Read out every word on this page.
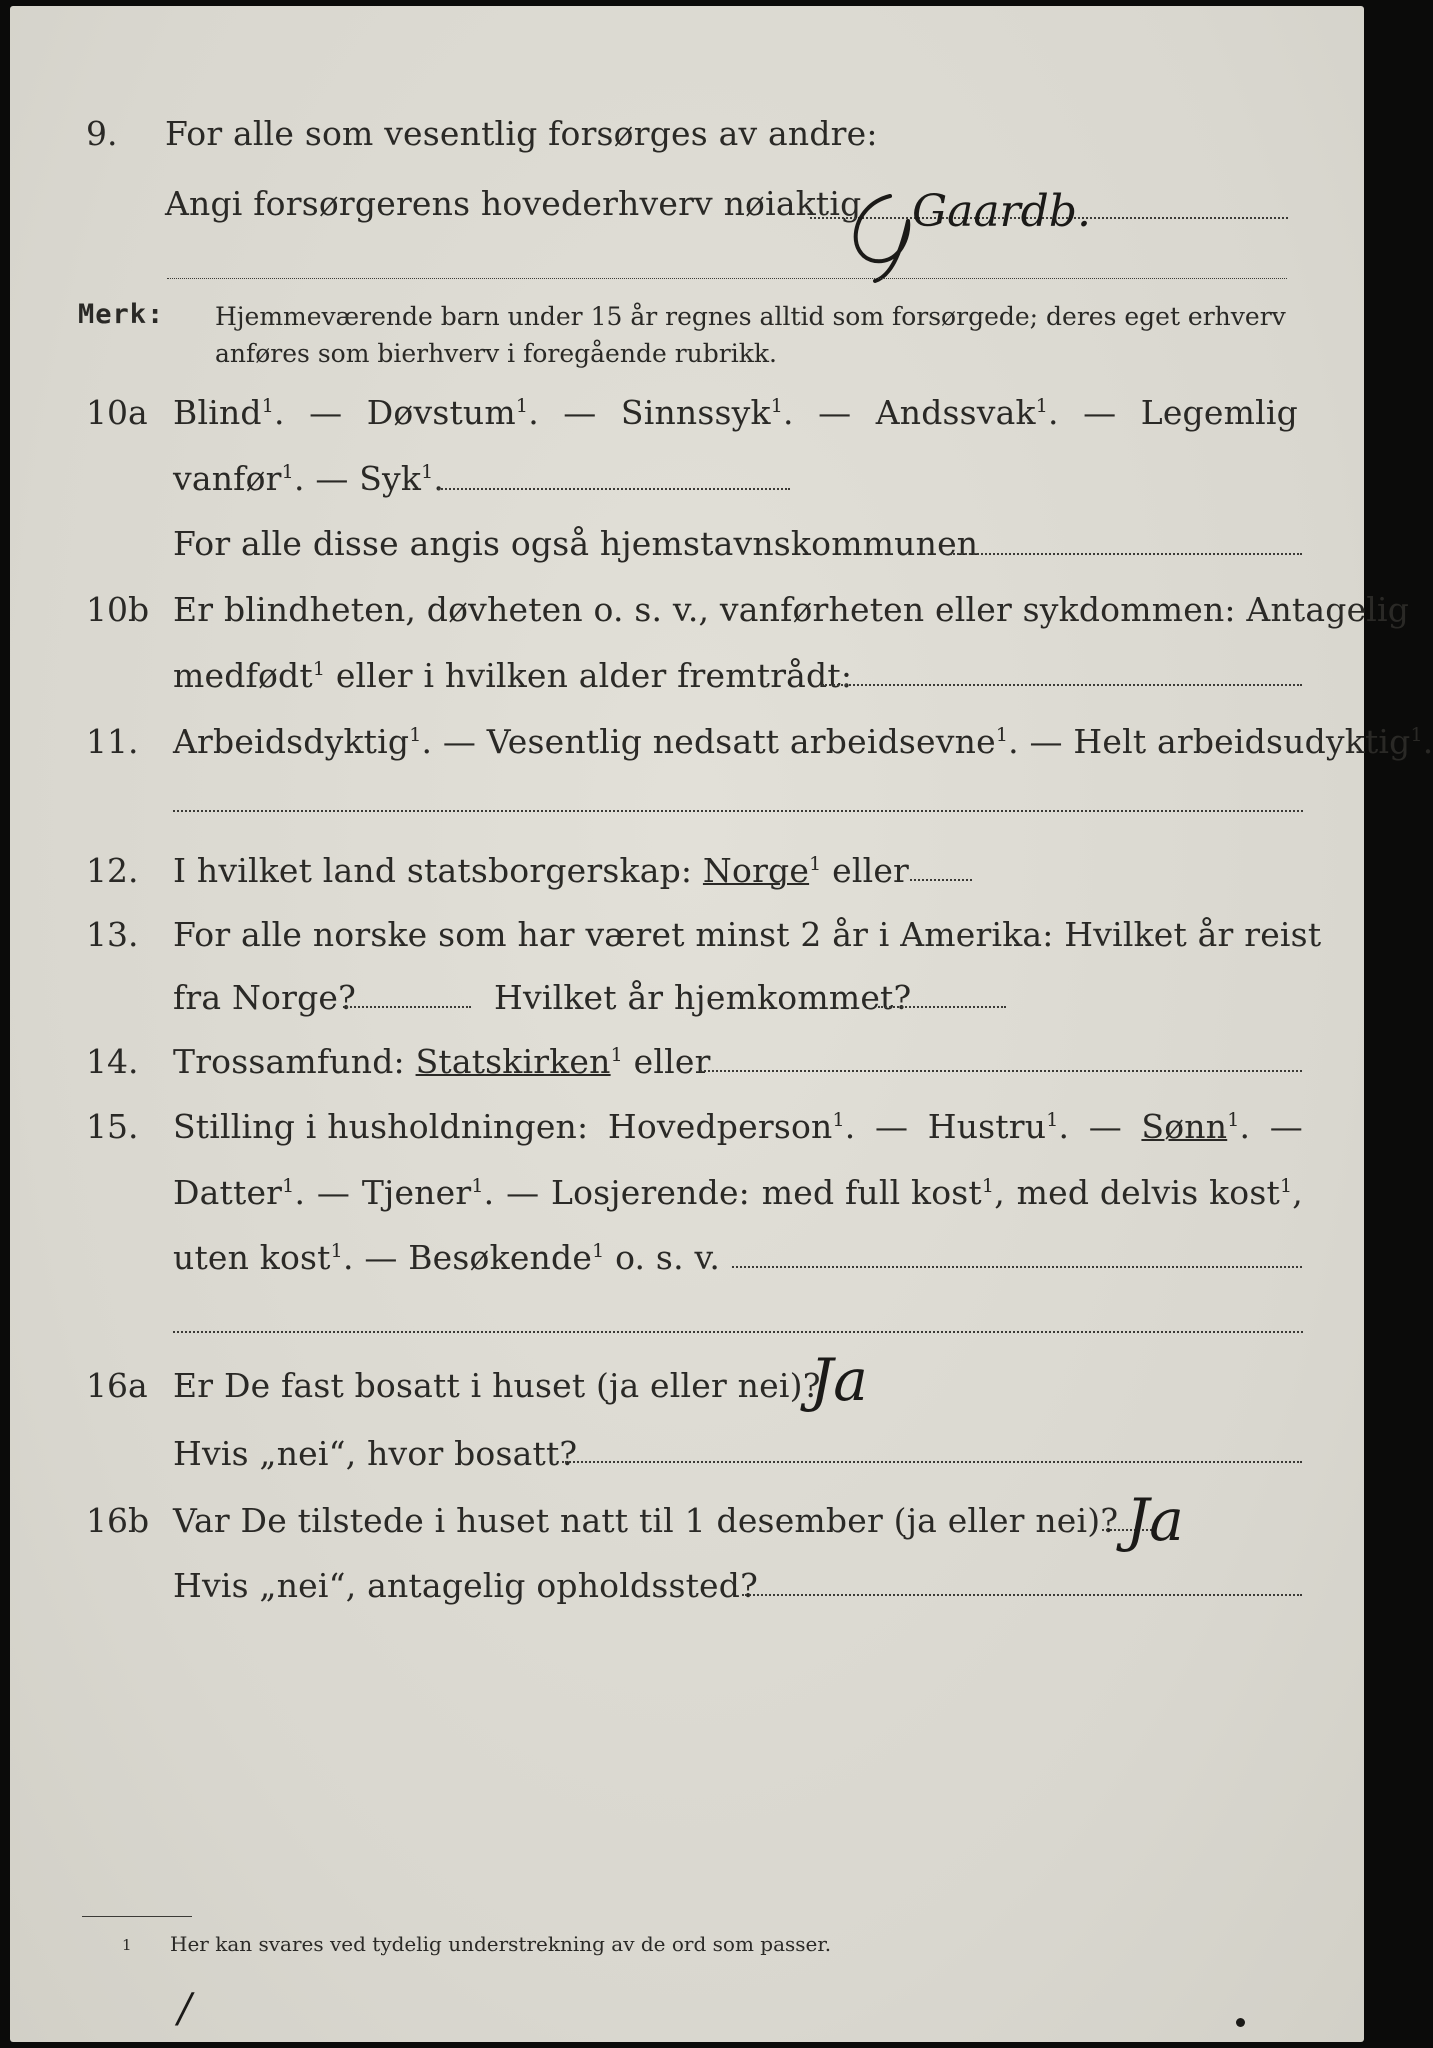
9. For alle som vesentlig forsørges av andre:
Angi forsørgerens hovederhverv nøiaktig Gaardb.
Merk: Hjemmeværende barn under 15 år regnes alltid som forsørgede; deres eget erhverv
anføres som bierhverv i foregående rubrikk.
10a Blind$^1$. — Døvstum$^1$. — Sinnssyk$^1$. — Andssvak$^1$. — Legemlig
vanfør$^1$. — Syk$^1$.
For alle disse angis også hjemstavnskommunen
10b Er blindheten, døvheten o. s. v., vanførheten eller sykdommen: Antagelig
medfødt$^1$ eller i hvilken alder fremtrådt:
11. Arbeidsdyktig$^1$. — Vesentlig nedsatt arbeidsevne$^1$. — Helt arbeidsudyktig$^1$.
12. I hvilket land statsborgerskap: Norge$^1$ eller
13. For alle norske som har været minst 2 år i Amerika: Hvilket år reist
fra Norge?	Hvilket år hjemkommet?
14. Trossamfund: Statskirken$^1$ eller
15. Stilling i husholdningen: Hovedperson$^1$. — Hustru$^1$. — Sønn$^1$. —
Datter$^1$. — Tjener$^1$. — Losjerende: med full kost$^1$, med delvis kost$^1$,
uten kost$^1$. — Besøkende$^1$ o. s. v.
16a Er De fast bosatt i huset (ja eller nei)?
Ja
Hvis „nei“, hvor bosatt?
16b Var De tilstede i huset natt til 1 desember (ja eller nei)? Ja
Hvis „nei“, antagelig opholdssted?
1 Her kan svares ved tydelig understrekning av de ord som passer.
/
